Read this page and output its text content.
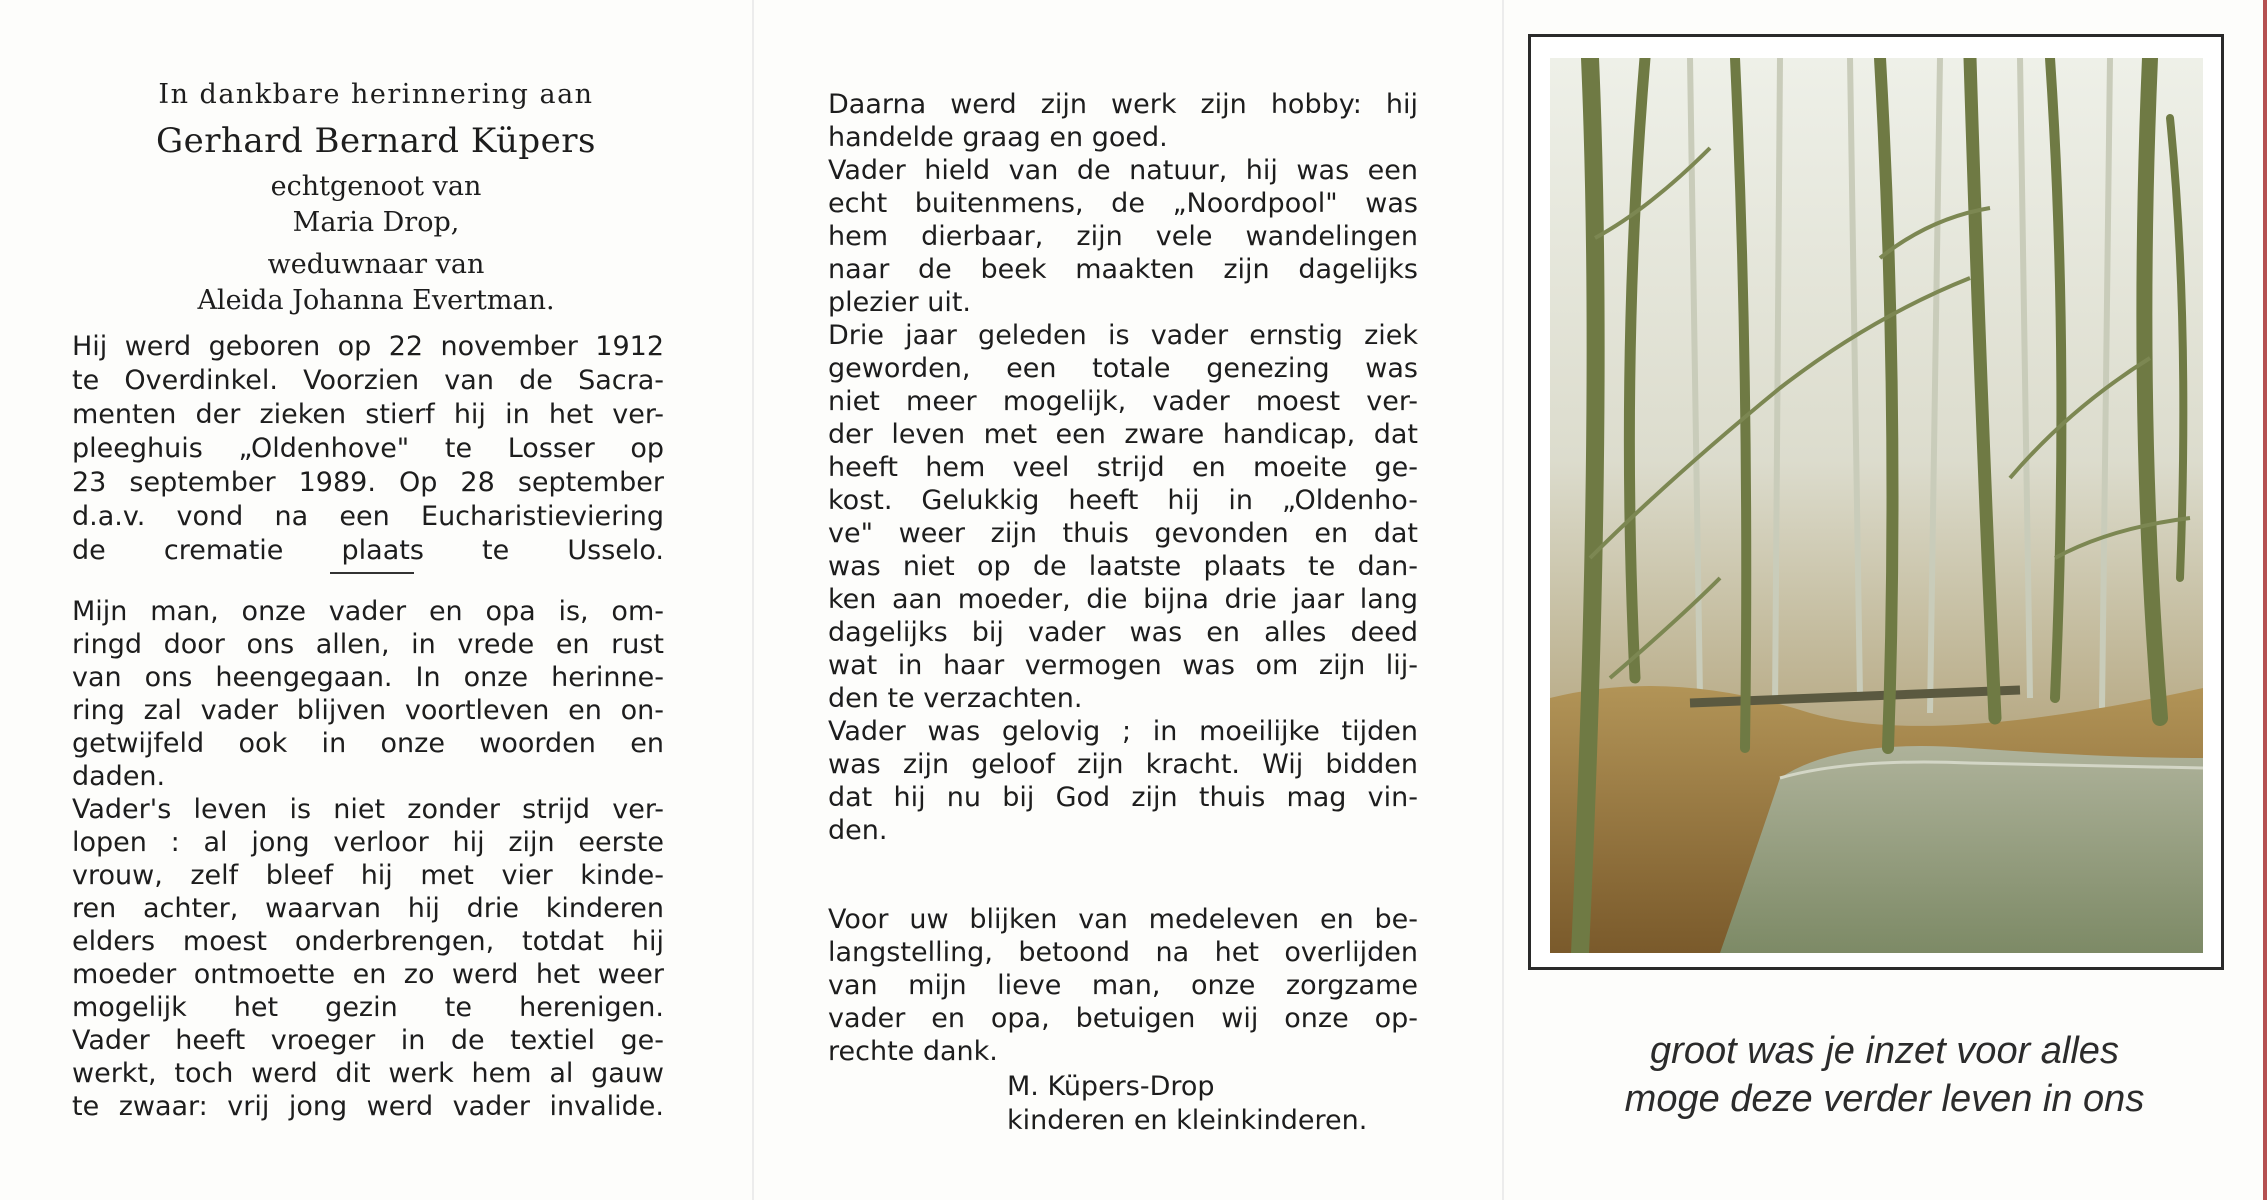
In dankbare herinnering aan
Gerhard Bernard Küpers
echtgenoot van
Maria Drop,
weduwnaar van
Aleida Johanna Evertman.
Hij werd geboren op 22 november 1912
te Overdinkel. Voorzien van de Sacra-
menten der zieken stierf hij in het ver-
pleeghuis „Oldenhove" te Losser op
23 september 1989. Op 28 september
d.a.v. vond na een Eucharistieviering
de crematie plaats te Usselo.
Mijn man, onze vader en opa is, om-
ringd door ons allen, in vrede en rust
van ons heengegaan. In onze herinne-
ring zal vader blijven voortleven en on-
getwijfeld ook in onze woorden en
daden.
Vader's leven is niet zonder strijd ver-
lopen : al jong verloor hij zijn eerste
vrouw, zelf bleef hij met vier kinde-
ren achter, waarvan hij drie kinderen
elders moest onderbrengen, totdat hij
moeder ontmoette en zo werd het weer
mogelijk het gezin te herenigen.
Vader heeft vroeger in de textiel ge-
werkt, toch werd dit werk hem al gauw
te zwaar: vrij jong werd vader invalide.
Daarna werd zijn werk zijn hobby: hij
handelde graag en goed.
Vader hield van de natuur, hij was een
echt buitenmens, de „Noordpool" was
hem dierbaar, zijn vele wandelingen
naar de beek maakten zijn dagelijks
plezier uit.
Drie jaar geleden is vader ernstig ziek
geworden, een totale genezing was
niet meer mogelijk, vader moest ver-
der leven met een zware handicap, dat
heeft hem veel strijd en moeite ge-
kost. Gelukkig heeft hij in „Oldenho-
ve" weer zijn thuis gevonden en dat
was niet op de laatste plaats te dan-
ken aan moeder, die bijna drie jaar lang
dagelijks bij vader was en alles deed
wat in haar vermogen was om zijn lij-
den te verzachten.
Vader was gelovig ; in moeilijke tijden
was zijn geloof zijn kracht. Wij bidden
dat hij nu bij God zijn thuis mag vin-
den.
Voor uw blijken van medeleven en be-
langstelling, betoond na het overlijden
van mijn lieve man, onze zorgzame
vader en opa, betuigen wij onze op-
rechte dank.
M. Küpers-Drop
kinderen en kleinkinderen.
groot was je inzet voor alles
moge deze verder leven in ons
